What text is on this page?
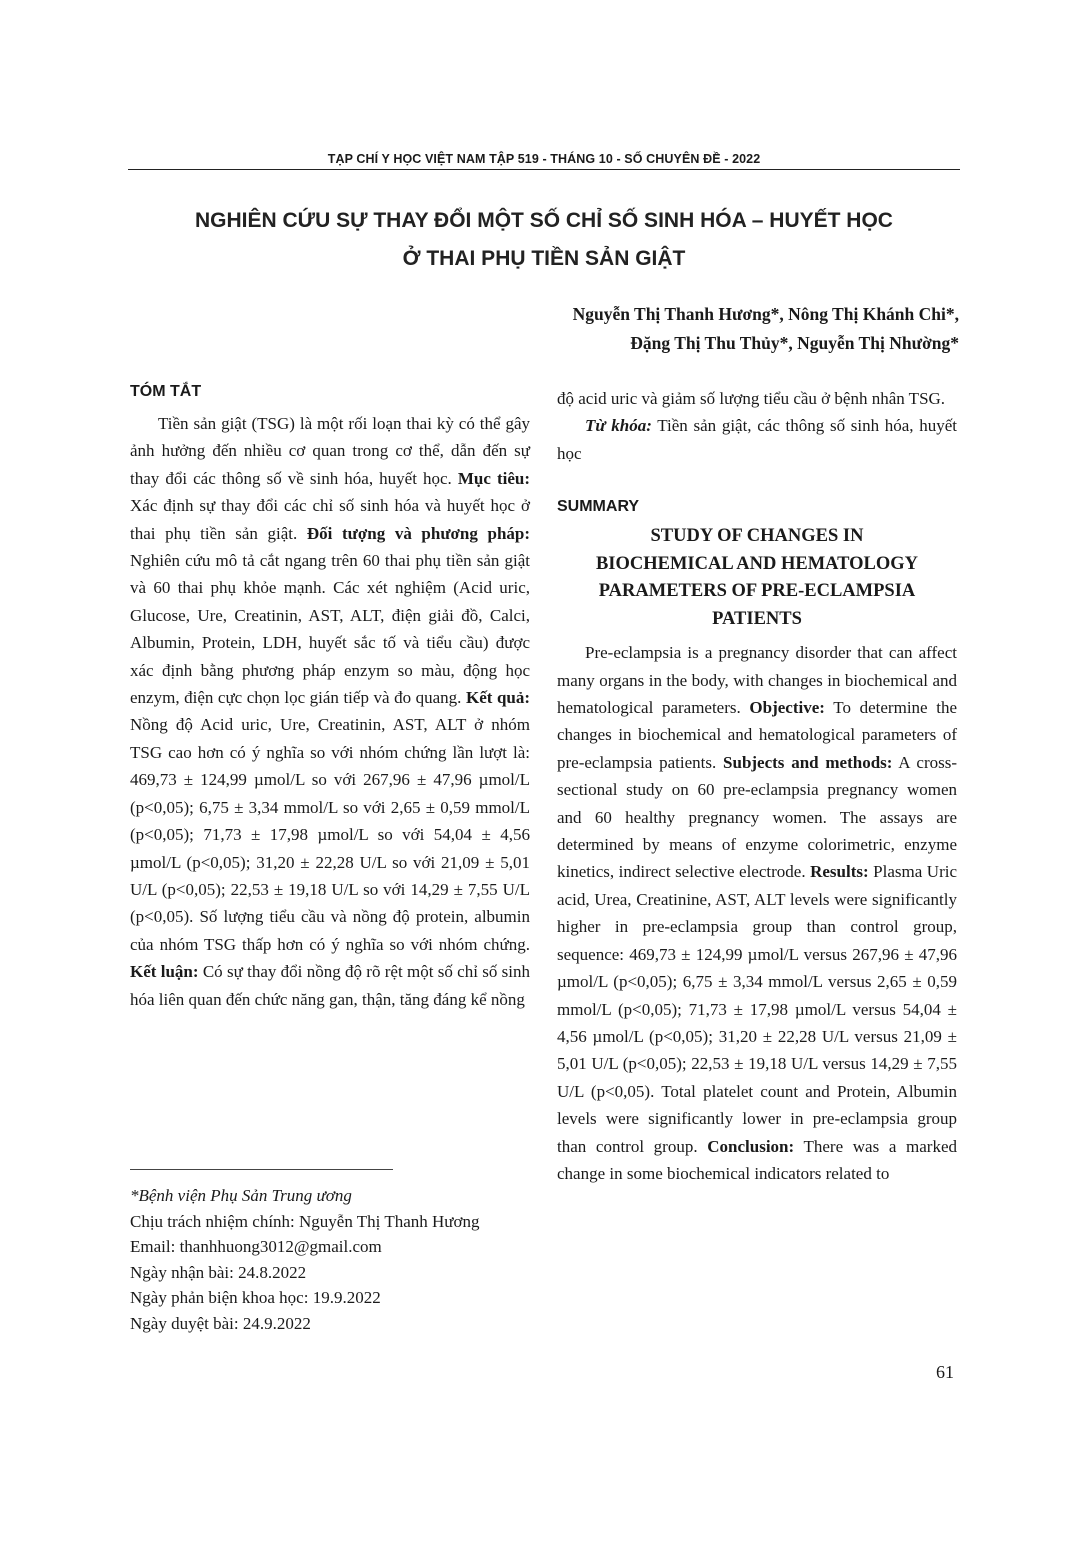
TẠP CHÍ Y HỌC VIỆT NAM TẬP 519 - THÁNG 10 - SỐ CHUYÊN ĐỀ - 2022
NGHIÊN CỨU SỰ THAY ĐỔI MỘT SỐ CHỈ SỐ SINH HÓA – HUYẾT HỌC
Ở THAI PHỤ TIỀN SẢN GIẬT
Nguyễn Thị Thanh Hương*, Nông Thị Khánh Chi*,
Đặng Thị Thu Thủy*, Nguyễn Thị Nhường*
TÓM TẮT

Tiền sản giật (TSG) là một rối loạn thai kỳ có thể gây ảnh hưởng đến nhiều cơ quan trong cơ thể, dẫn đến sự thay đổi các thông số về sinh hóa, huyết học. Mục tiêu: Xác định sự thay đổi các chỉ số sinh hóa và huyết học ở thai phụ tiền sản giật. Đối tượng và phương pháp: Nghiên cứu mô tả cắt ngang trên 60 thai phụ tiền sản giật và 60 thai phụ khỏe mạnh. Các xét nghiệm (Acid uric, Glucose, Ure, Creatinin, AST, ALT, điện giải đồ, Calci, Albumin, Protein, LDH, huyết sắc tố và tiểu cầu) được xác định bằng phương pháp enzym so màu, động học enzym, điện cực chọn lọc gián tiếp và đo quang. Kết quả: Nồng độ Acid uric, Ure, Creatinin, AST, ALT ở nhóm TSG cao hơn có ý nghĩa so với nhóm chứng lần lượt là: 469,73 ± 124,99 µmol/L so với 267,96 ± 47,96 µmol/L (p<0,05); 6,75 ± 3,34 mmol/L so với 2,65 ± 0,59 mmol/L (p<0,05); 71,73 ± 17,98 µmol/L so với 54,04 ± 4,56 µmol/L (p<0,05); 31,20 ± 22,28 U/L so với 21,09 ± 5,01 U/L (p<0,05); 22,53 ± 19,18 U/L so với 14,29 ± 7,55 U/L (p<0,05). Số lượng tiểu cầu và nồng độ protein, albumin của nhóm TSG thấp hơn có ý nghĩa so với nhóm chứng. Kết luận: Có sự thay đổi nồng độ rõ rệt một số chỉ số sinh hóa liên quan đến chức năng gan, thận, tăng đáng kể nồng

*Bệnh viện Phụ Sản Trung ương
Chịu trách nhiệm chính: Nguyễn Thị Thanh Hương
Email: thanhhuong3012@gmail.com
Ngày nhận bài: 24.8.2022
Ngày phản biện khoa học: 19.9.2022
Ngày duyệt bài: 24.9.2022

độ acid uric và giảm số lượng tiểu cầu ở bệnh nhân TSG.

Từ khóa: Tiền sản giật, các thông số sinh hóa, huyết học

SUMMARY
STUDY OF CHANGES IN
BIOCHEMICAL AND HEMATOLOGY
PARAMETERS OF PRE-ECLAMPSIA
PATIENTS

Pre-eclampsia is a pregnancy disorder that can affect many organs in the body, with changes in biochemical and hematological parameters. Objective: To determine the changes in biochemical and hematological parameters of pre-eclampsia patients. Subjects and methods: A cross-sectional study on 60 pre-eclampsia pregnancy women and 60 healthy pregnancy women. The assays are determined by means of enzyme colorimetric, enzyme kinetics, indirect selective electrode. Results: Plasma Uric acid, Urea, Creatinine, AST, ALT levels were significantly higher in pre-eclampsia group than control group, sequence: 469,73 ± 124,99 µmol/L versus 267,96 ± 47,96 µmol/L (p<0,05); 6,75 ± 3,34 mmol/L versus 2,65 ± 0,59 mmol/L (p<0,05); 71,73 ± 17,98 µmol/L versus 54,04 ± 4,56 µmol/L (p<0,05); 31,20 ± 22,28 U/L versus 21,09 ± 5,01 U/L (p<0,05); 22,53 ± 19,18 U/L versus 14,29 ± 7,55 U/L (p<0,05). Total platelet count and Protein, Albumin levels were significantly lower in pre-eclampsia group than control group. Conclusion: There was a marked change in some biochemical indicators related to

61
